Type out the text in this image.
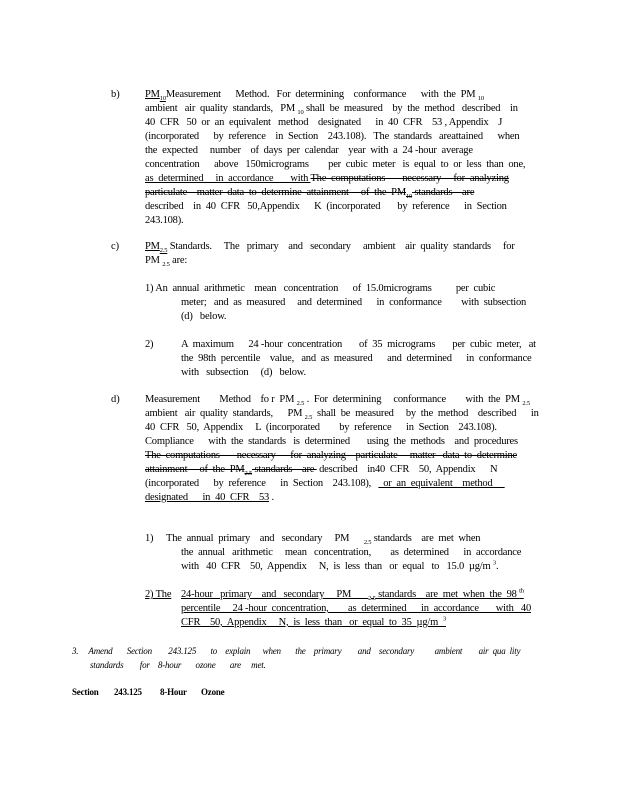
b) $PM_{10}Measurement$      Method.   For  determining    conformance      with  the  PM $_{10}$
ambient   air  quality  standards,   PM $_{10}$ shall  be  measured    by  the  method   described    in
40  CFR   50  or  an  equivalent   method    designated      in  40  CFR    53 , Appendix    J
(incorporated      by  reference    in  Section    243.108).   The  standards   areattained      when
the  expected     number    of  days  per  calendar    year  with  a  24 -hour  average
concentration      above   150micrograms        per  cubic  meter   is  equal  to  or  less  than  one,
as  determined     in  accordance       with The  computations       necessary     for  analyzing
particulate    matter  data  to  determine  attainment     of  the  $PM_{10}$ standards    are
described    in  40  CFR   50,Appendix      K  (incorporated       by  reference      in  Section
243.108).
c) $PM_{2.5}$ Standards.     The   primary    and   secondary     ambient    air  quality  standards     for
PM $_{2.5}$ are:
1) An  annual  arithmetic    mean   concentration      of  15.0micrograms          per  cubic
meter;   and  as  measured     and  determined      in  conformance        with  subsection
(d)   below.
2)	A  maximum      24 -hour  concentration       of  35  micrograms       per  cubic  meter,   at
the  98th  percentile    value,   and  as  measured      and  determined      in  conformance
with   subsection     (d)   below.
d) Measurement        Method    fo r  PM $_{2.5}$ .  For  determining     conformance        with  the  PM $_{2.5}$
ambient   air  quality  standards,      PM $_{2.5}$  shall  be  measured     by  the  method    described      in
40  CFR   50,  Appendix     L  (incorporated        by  reference      in  Section    243.108).
Compliance      with  the  standards   is  determined       using  the  methods    and  procedures
The  computations       necessary      for  analyzing    particulate     matter   data  to  determine
attainment     of  the  $PM_{2.5}$ standards    are  described    in40  CFR    50,  Appendix      N
(incorporated      by  reference      in  Section    243.108),     or  an  equivalent    method
designated      in  40  CFR    53 .
1) The  annual  primary    and   secondary     PM      $_{2.5}$ standards    are  met  when
the  annual   arithmetic     mean   concentration,        as  determined      in  accordance
with   40  CFR    50,  Appendix     N,  is  less  than   or  equal   to   15.0  µg/m $^3$.
2) The 24-hour   primary    and   secondary     PM       $_{2.5}$ standards    are  met  when  the  98 $^{th}$
percentile     24 -hour  concentration,        as  determined      in  accordance       with   40
CFR    50,  Appendix     N,  is  less  than   or  equal  to  35  µg/m  $^3$
3.     Amend       Section        243.125       to    explain      when       the    primary        and    secondary          ambient        air  qua  lity
standards        for    8-hour       ozone       are     met.
Section 243.125 8-Hour       Ozone
